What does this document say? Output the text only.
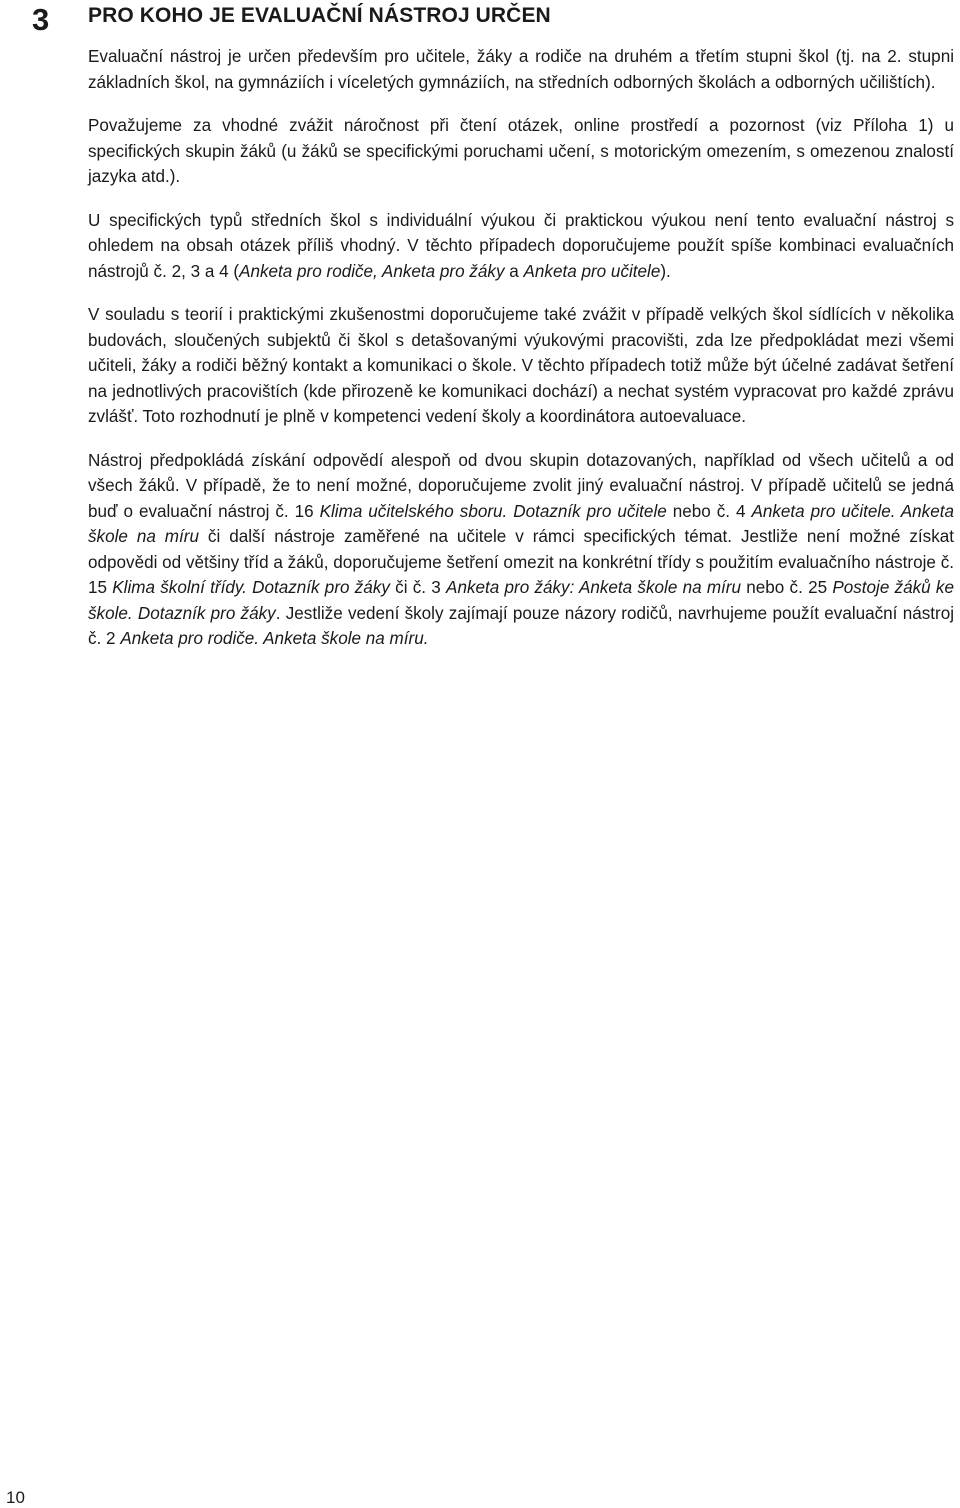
3 PRO KOHO JE EVALUAČNÍ NÁSTROJ URČEN

Evaluační nástroj je určen především pro učitele, žáky a rodiče na druhém a třetím stupni škol (tj. na 2. stupni základních škol, na gymnáziích i víceletých gymnáziích, na středních odborných školách a odborných učilištích).

Považujeme za vhodné zvážit náročnost při čtení otázek, online prostředí a pozornost (viz Příloha 1) u specifických skupin žáků (u žáků se specifickými poruchami učení, s motorickým omezením, s omezenou znalostí jazyka atd.).

U specifických typů středních škol s individuální výukou či praktickou výukou není tento evaluační nástroj s ohledem na obsah otázek příliš vhodný. V těchto případech doporučujeme použít spíše kombinaci evaluačních nástrojů č. 2, 3 a 4 (Anketa pro rodiče, Anketa pro žáky a Anketa pro učitele).

V souladu s teorií i praktickými zkušenostmi doporučujeme také zvážit v případě velkých škol sídlících v několika budovách, sloučených subjektů či škol s detašovanými výukovými pracovišti, zda lze předpokládat mezi všemi učiteli, žáky a rodiči běžný kontakt a komunikaci o škole. V těchto případech totiž může být účelné zadávat šetření na jednotlivých pracovištích (kde přirozeně ke komunikaci dochází) a nechat systém vypracovat pro každé zprávu zvlášť. Toto rozhodnutí je plně v kompetenci vedení školy a koordinátora autoevaluace.

Nástroj předpokládá získání odpovědí alespoň od dvou skupin dotazovaných, například od všech učitelů a od všech žáků. V případě, že to není možné, doporučujeme zvolit jiný evaluační nástroj. V případě učitelů se jedná buď o evaluační nástroj č. 16 Klima učitelského sboru. Dotazník pro učitele nebo č. 4 Anketa pro učitele. Anketa škole na míru či další nástroje zaměřené na učitele v rámci specifických témat. Jestliže není možné získat odpovědi od většiny tříd a žáků, doporučujeme šetření omezit na konkrétní třídy s použitím evaluačního nástroje č. 15 Klima školní třídy. Dotazník pro žáky či č. 3 Anketa pro žáky: Anketa škole na míru nebo č. 25 Postoje žáků ke škole. Dotazník pro žáky. Jestliže vedení školy zajímají pouze názory rodičů, navrhujeme použít evaluační nástroj č. 2 Anketa pro rodiče. Anketa škole na míru.

10
